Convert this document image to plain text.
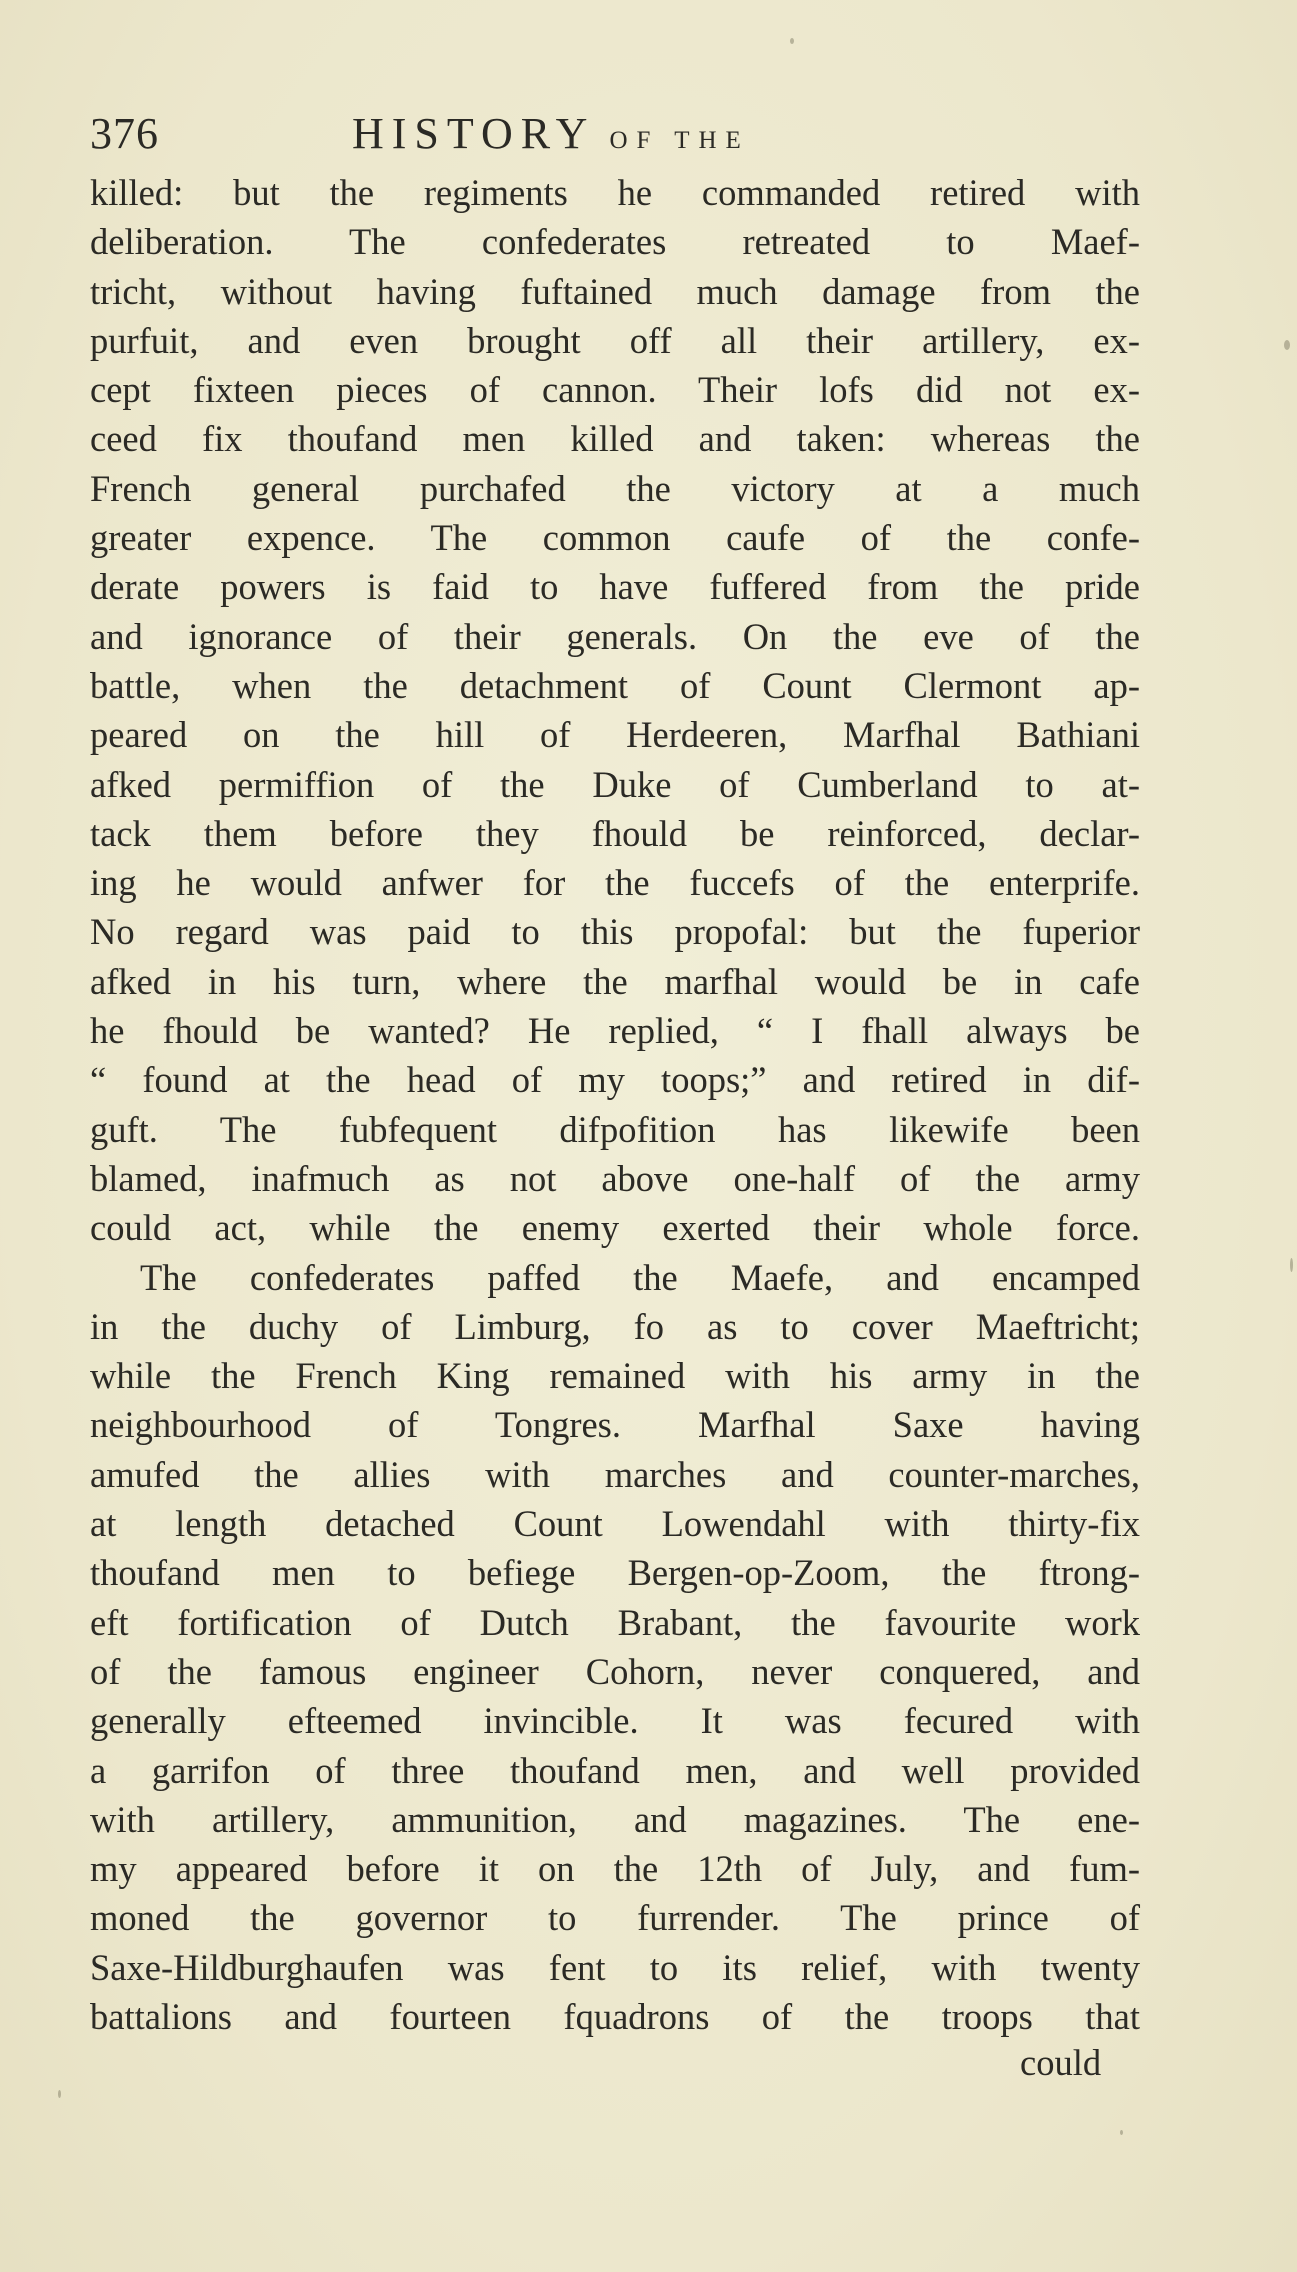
376	HISTORY OF THE
killed: but the regiments he commanded retired with
deliberation. The confederates retreated to Maef-
tricht, without having fuftained much damage from the
purfuit, and even brought off all their artillery, ex-
cept fixteen pieces of cannon. Their lofs did not ex-
ceed fix thoufand men killed and taken: whereas the
French general purchafed the victory at a much
greater expence. The common caufe of the confe-
derate powers is faid to have fuffered from the pride
and ignorance of their generals. On the eve of the
battle, when the detachment of Count Clermont ap-
peared on the hill of Herdeeren, Marfhal Bathiani
afked permiffion of the Duke of Cumberland to at-
tack them before they fhould be reinforced, declar-
ing he would anfwer for the fuccefs of the enterprife.
No regard was paid to this propofal: but the fuperior
afked in his turn, where the marfhal would be in cafe
he fhould be wanted? He replied, “ I fhall always be
“ found at the head of my toops;” and retired in dif-
guft. The fubfequent difpofition has likewife been
blamed, inafmuch as not above one-half of the army
could act, while the enemy exerted their whole force.
The confederates paffed the Maefe, and encamped
in the duchy of Limburg, fo as to cover Maeftricht;
while the French King remained with his army in the
neighbourhood of Tongres. Marfhal Saxe having
amufed the allies with marches and counter-marches,
at length detached Count Lowendahl with thirty-fix
thoufand men to befiege Bergen-op-Zoom, the ftrong-
eft fortification of Dutch Brabant, the favourite work
of the famous engineer Cohorn, never conquered, and
generally efteemed invincible. It was fecured with
a garrifon of three thoufand men, and well provided
with artillery, ammunition, and magazines. The ene-
my appeared before it on the 12th of July, and fum-
moned the governor to furrender. The prince of
Saxe-Hildburghaufen was fent to its relief, with twenty
battalions and fourteen fquadrons of the troops that
could
